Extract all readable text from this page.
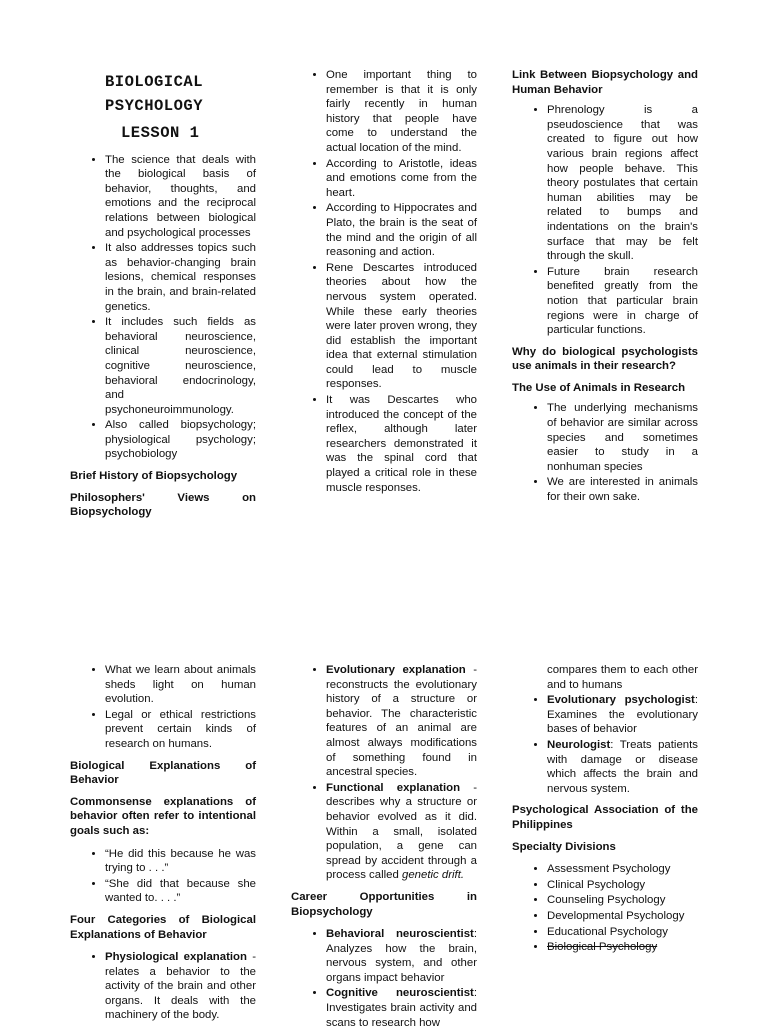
BIOLOGICAL PSYCHOLOGY
LESSON 1
• The science that deals with the biological basis of behavior, thoughts, and emotions and the reciprocal relations between biological and psychological processes
• It also addresses topics such as behavior-changing brain lesions, chemical responses in the brain, and brain-related genetics.
• It includes such fields as behavioral neuroscience, clinical neuroscience, cognitive neuroscience, behavioral endocrinology, and psychoneuroimmunology.
• Also called biopsychology; physiological psychology; psychobiology
Brief History of Biopsychology
Philosophers' Views on Biopsychology
• One important thing to remember is that it is only fairly recently in human history that people have come to understand the actual location of the mind.
• According to Aristotle, ideas and emotions come from the heart.
• According to Hippocrates and Plato, the brain is the seat of the mind and the origin of all reasoning and action.
• Rene Descartes introduced theories about how the nervous system operated. While these early theories were later proven wrong, they did establish the important idea that external stimulation could lead to muscle responses.
• It was Descartes who introduced the concept of the reflex, although later researchers demonstrated it was the spinal cord that played a critical role in these muscle responses.
Link Between Biopsychology and Human Behavior
• Phrenology is a pseudoscience that was created to figure out how various brain regions affect how people behave. This theory postulates that certain human abilities may be related to bumps and indentations on the brain's surface that may be felt through the skull.
• Future brain research benefited greatly from the notion that particular brain regions were in charge of particular functions.
Why do biological psychologists use animals in their research?
The Use of Animals in Research
• The underlying mechanisms of behavior are similar across species and sometimes easier to study in a nonhuman species
• We are interested in animals for their own sake.
• What we learn about animals sheds light on human evolution.
• Legal or ethical restrictions prevent certain kinds of research on humans.
Biological Explanations of Behavior
Commonsense explanations of behavior often refer to intentional goals such as:
• “He did this because he was trying to . . .”
• “She did that because she wanted to. . . .”
Four Categories of Biological Explanations of Behavior
• Physiological explanation - relates a behavior to the activity of the brain and other organs. It deals with the machinery of the body.
• Evolutionary explanation - reconstructs the evolutionary history of a structure or behavior. The characteristic features of an animal are almost always modifications of something found in ancestral species.
• Functional explanation - describes why a structure or behavior evolved as it did. Within a small, isolated population, a gene can spread by accident through a process called genetic drift.
Career Opportunities in Biopsychology
• Behavioral neuroscientist: Analyzes how the brain, nervous system, and other organs impact behavior
• Cognitive neuroscientist: Investigates brain activity and scans to research how
compares them to each other and to humans
• Evolutionary psychologist: Examines the evolutionary bases of behavior
• Neurologist: Treats patients with damage or disease which affects the brain and nervous system.
Psychological Association of the Philippines
Specialty Divisions
• Assessment Psychology
• Clinical Psychology
• Counseling Psychology
• Developmental Psychology
• Educational Psychology
• Biological Psychology
